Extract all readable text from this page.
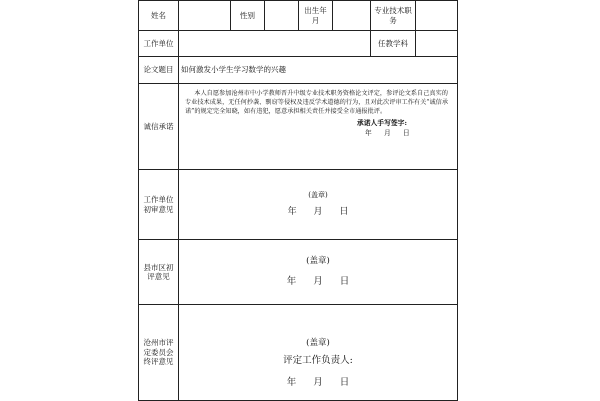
姓名		性别		出生年月		专业技术职务	
工作单位						任教学科	
论文题目	如何激发小学生学习数学的兴趣						
诚信承诺	本人自愿参加沧州市中小学教师晋升中级专业技术职务资格论文评定，参评论文系自己真实的专业技术成果，无任何抄袭、剽窃等侵权及违反学术道德的行为，且对此次评审工作有关“诚信承诺”的规定完全知晓，如有违犯，愿意承担相关责任并接受全市通报批评。
承诺人手写签字:
年 月 日						

工作单位初审意见	(盖章)
年 月 日						

县市区初评意见	(盖章)
年 月 日						

沧州市评定委员会终评意见	(盖章)
评定工作负责人:
年 月 日						
